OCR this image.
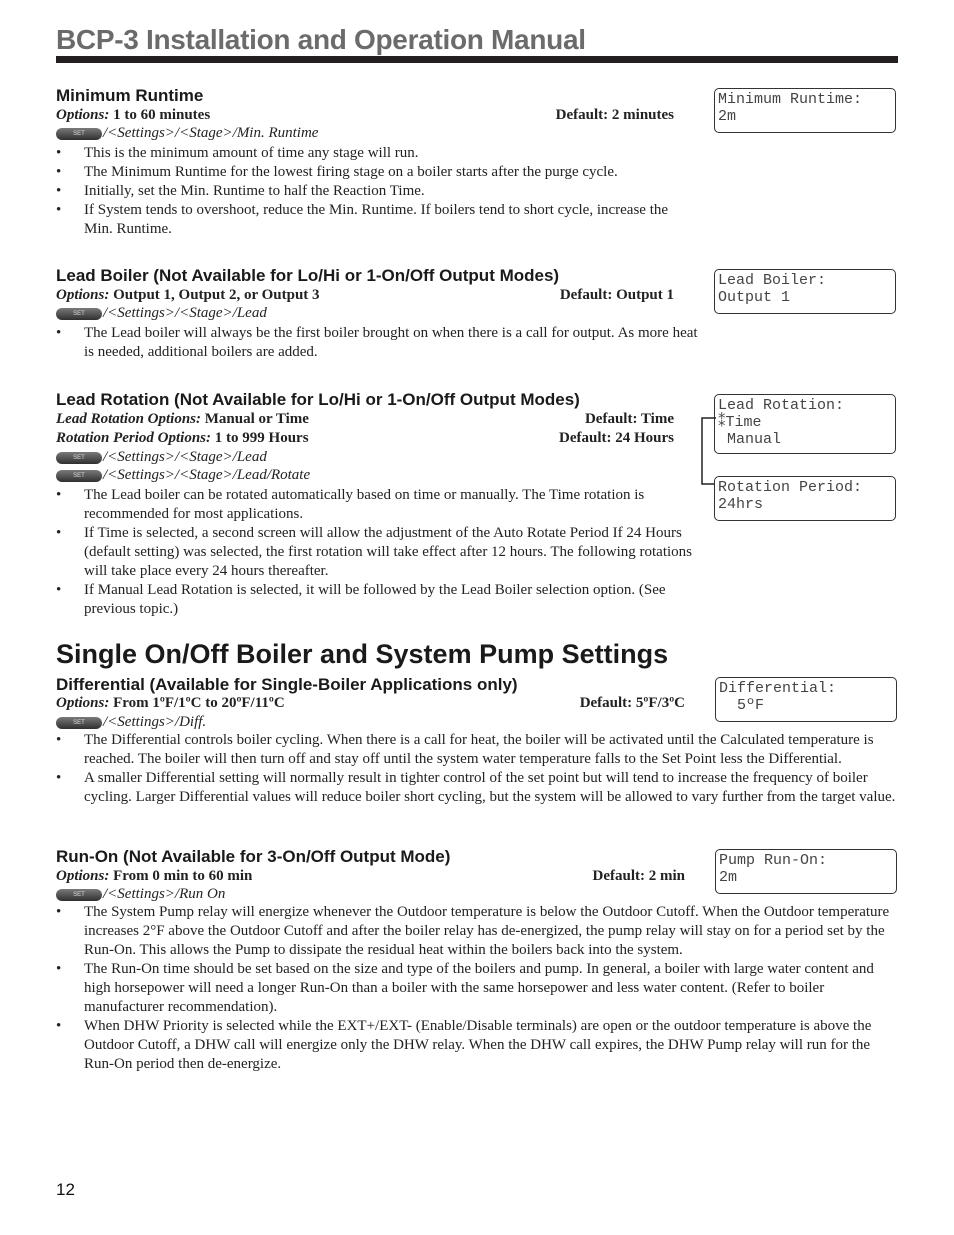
BCP-3 Installation and Operation Manual
Minimum Runtime
Options: 1 to 60 minutes	Default: 2 minutes
SET /<Settings>/<Stage>/Min. Runtime
• This is the minimum amount of time any stage will run.
• The Minimum Runtime for the lowest firing stage on a boiler starts after the purge cycle.
• Initially, set the Min. Runtime to half the Reaction Time.
• If System tends to overshoot, reduce the Min. Runtime. If boilers tend to short cycle, increase the Min. Runtime.
Minimum Runtime:
2m
Lead Boiler (Not Available for Lo/Hi or 1-On/Off Output Modes)
Options: Output 1, Output 2, or Output 3	Default: Output 1
SET /<Settings>/<Stage>/Lead
• The Lead boiler will always be the first boiler brought on when there is a call for output. As more heat is needed, additional boilers are added.
Lead Boiler:
Output 1
Lead Rotation (Not Available for Lo/Hi or 1-On/Off Output Modes)
Lead Rotation Options: Manual or Time	Default: Time
Rotation Period Options: 1 to 999 Hours	Default: 24 Hours
SET /<Settings>/<Stage>/Lead
SET /<Settings>/<Stage>/Lead/Rotate
• The Lead boiler can be rotated automatically based on time or manually. The Time rotation is recommended for most applications.
• If Time is selected, a second screen will allow the adjustment of the Auto Rotate Period If 24 Hours (default setting) was selected, the first rotation will take effect after 12 hours. The following rotations will take place every 24 hours thereafter.
• If Manual Lead Rotation is selected, it will be followed by the Lead Boiler selection option. (See previous topic.)
Lead Rotation:
⁑Time
Manual
Rotation Period:
24hrs
Single On/Off Boiler and System Pump Settings
Differential (Available for Single-Boiler Applications only)
Options: From 1ºF/1ºC to 20ºF/11ºC	Default: 5ºF/3ºC
SET /<Settings>/Diff.
• The Differential controls boiler cycling. When there is a call for heat, the boiler will be activated until the Calculated temperature is reached. The boiler will then turn off and stay off until the system water temperature falls to the Set Point less the Differential.
• A smaller Differential setting will normally result in tighter control of the set point but will tend to increase the frequency of boiler cycling. Larger Differential values will reduce boiler short cycling, but the system will be allowed to vary further from the target value.
Differential:
5ºF
Run-On (Not Available for 3-On/Off Output Mode)
Options: From 0 min to 60 min	Default: 2 min
SET /<Settings>/Run On
• The System Pump relay will energize whenever the Outdoor temperature is below the Outdoor Cutoff. When the Outdoor temperature increases 2°F above the Outdoor Cutoff and after the boiler relay has de-energized, the pump relay will stay on for a period set by the Run-On. This allows the Pump to dissipate the residual heat within the boilers back into the system.
• The Run-On time should be set based on the size and type of the boilers and pump. In general, a boiler with large water content and high horsepower will need a longer Run-On than a boiler with the same horsepower and less water content. (Refer to boiler manufacturer recommendation).
• When DHW Priority is selected while the EXT+/EXT- (Enable/Disable terminals) are open or the outdoor temperature is above the Outdoor Cutoff, a DHW call will energize only the DHW relay. When the DHW call expires, the DHW Pump relay will run for the Run-On period then de-energize.
Pump Run-On:
2m
12
